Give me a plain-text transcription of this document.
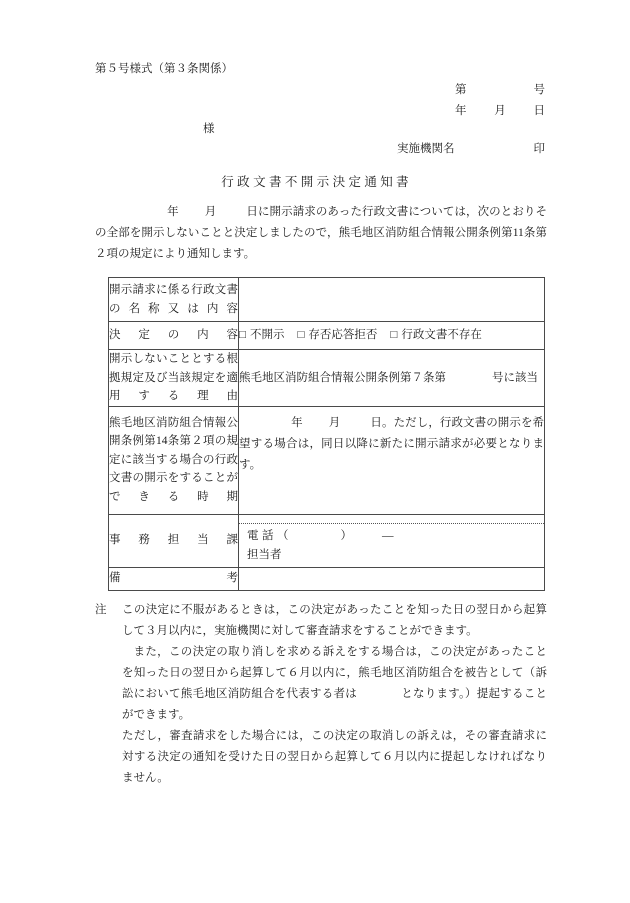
第５号様式（第３条関係）
第	号
年 月 日
様
実施機関名	印
行政文書不開示決定通知書
年 月	日に開示請求のあった行政文書については，次のとおりその全部を開示しないことと決定しましたので，熊毛地区消防組合情報公開条例第11条第２項の規定により通知します。
開示請求に係る行政文書の名称又は内容	

決定の内容	□ 不開示 □ 存否応答拒否 □ 行政文書不存在

開示しないこととする根拠規定及び当該規定を適用する理由	熊毛地区消防組合情報公開条例第７条第 号に該当

熊毛地区消防組合情報公開条例第14条第２項の規定に該当する場合の行政文書の開示をすることができる時期	年 月 日。ただし，行政文書の開示を希望する場合は，同日以降に新たに開示請求が必要となります。

事務担当課	電話（ ） ―
担当者

備考	

注	この決定に不服があるときは，この決定があったことを知った日の翌日から起算して３月以内に，実施機関に対して審査請求をすることができます。

また，この決定の取り消しを求める訴えをする場合は，この決定があったことを知った日の翌日から起算して６月以内に，熊毛地区消防組合を被告として（訴訟において熊毛地区消防組合を代表する者は	となります。）提起することができます。

ただし，審査請求をした場合には，この決定の取消しの訴えは，その審査請求に対する決定の通知を受けた日の翌日から起算して６月以内に提起しなければなりません。
